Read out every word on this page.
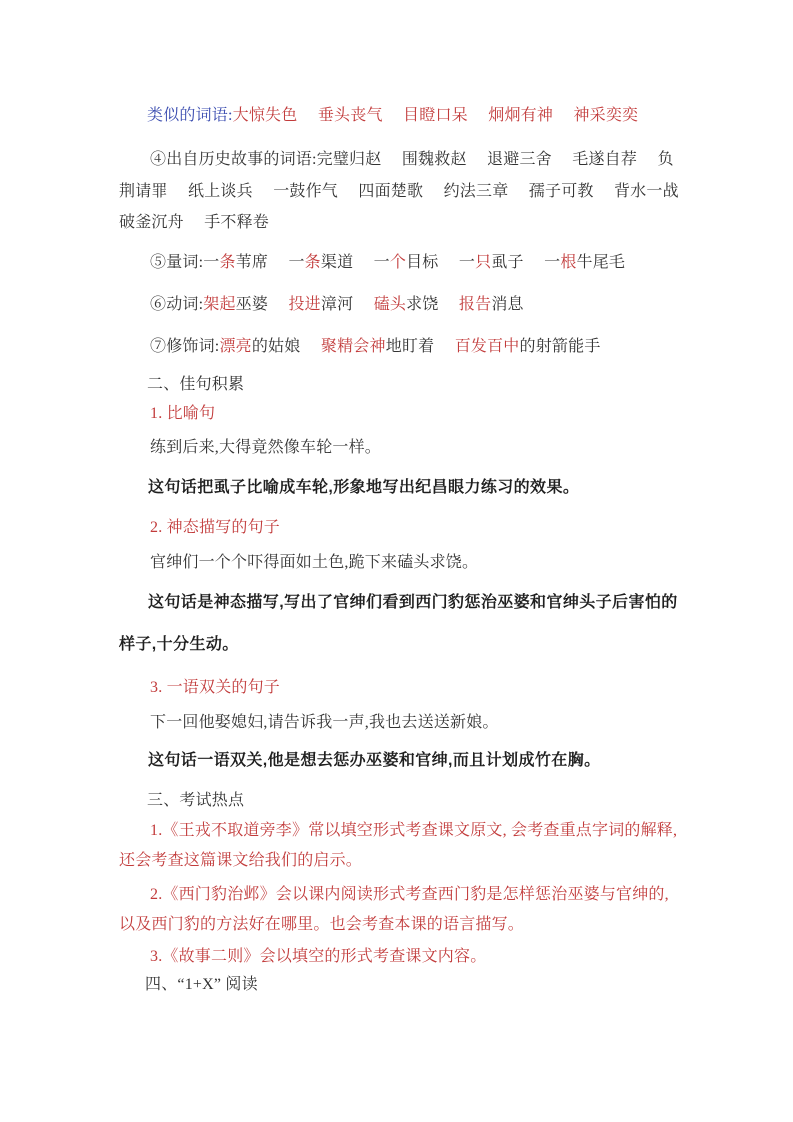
类似的词语:大惊失色　 垂头丧气　 目瞪口呆　 炯炯有神　 神采奕奕
④出自历史故事的词语:完璧归赵　 围魏救赵　 退避三舍　 毛遂自荐　 负
荆请罪　 纸上谈兵　 一鼓作气　 四面楚歌　 约法三章　 孺子可教　 背水一战
破釜沉舟　 手不释卷
⑤量词:一条苇席　 一条渠道　 一个目标　 一只虱子　 一根牛尾毛
⑥动词:架起巫婆　 投进漳河　 磕头求饶　 报告消息
⑦修饰词:漂亮的姑娘　 聚精会神地盯着　 百发百中的射箭能手
二、佳句积累
1. 比喻句
练到后来,大得竟然像车轮一样。
这句话把虱子比喻成车轮,形象地写出纪昌眼力练习的效果。
2. 神态描写的句子
官绅们一个个吓得面如土色,跪下来磕头求饶。
这句话是神态描写,写出了官绅们看到西门豹惩治巫婆和官绅头子后害怕的
样子,十分生动。
3. 一语双关的句子
下一回他娶媳妇,请告诉我一声,我也去送送新娘。
这句话一语双关,他是想去惩办巫婆和官绅,而且计划成竹在胸。
三、考试热点
1.《王戎不取道旁李》常以填空形式考查课文原文, 会考查重点字词的解释,
还会考查这篇课文给我们的启示。
2.《西门豹治邺》会以课内阅读形式考查西门豹是怎样惩治巫婆与官绅的,
以及西门豹的方法好在哪里。也会考查本课的语言描写。
3.《故事二则》会以填空的形式考查课文内容。
四、“1+X” 阅读
